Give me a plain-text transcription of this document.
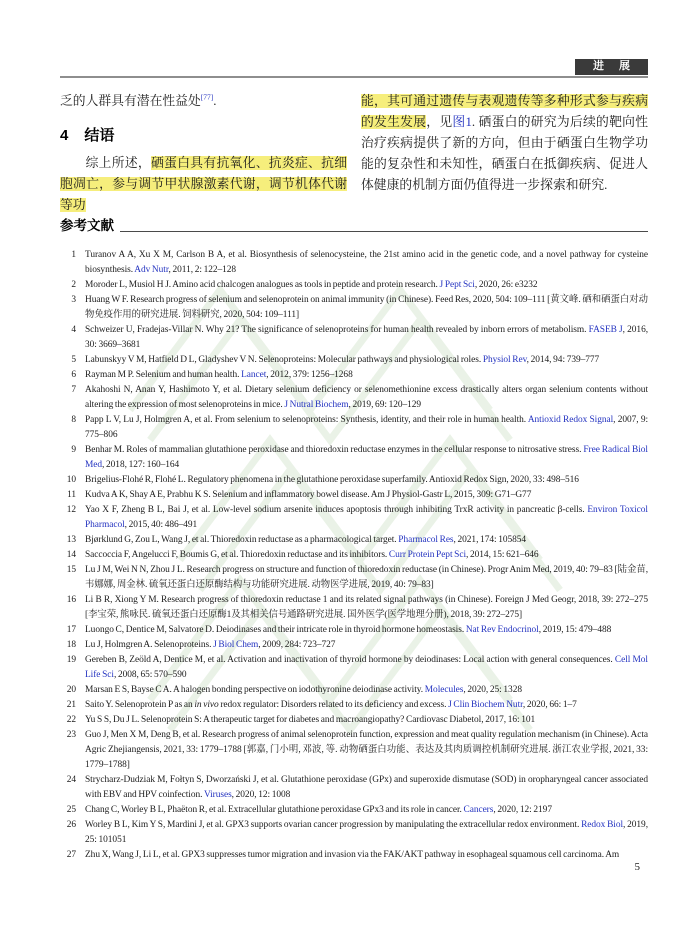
进 展

乏的人群具有潜在性益处[77].

4 结语

综上所述，硒蛋白具有抗氧化、抗炎症、抗细胞凋亡，参与调节甲状腺激素代谢，调节机体代谢等功

能，其可通过遗传与表观遗传等多种形式参与疾病的发生发展，见图1. 硒蛋白的研究为后续的靶向性治疗疾病提供了新的方向，但由于硒蛋白生物学功能的复杂性和未知性，硒蛋白在抵御疾病、促进人体健康的机制方面仍值得进一步探索和研究.

参考文献
1 Turanov A A, Xu X M, Carlson B A, et al. Biosynthesis of selenocysteine, the 21st amino acid in the genetic code, and a novel pathway for cysteine biosynthesis. Adv Nutr, 2011, 2: 122–128
2 Moroder L, Musiol H J. Amino acid chalcogen analogues as tools in peptide and protein research. J Pept Sci, 2020, 26: e3232
3 Huang W F. Research progress of selenium and selenoprotein on animal immunity (in Chinese). Feed Res, 2020, 504: 109–111 [黄文峰. 硒和硒蛋白对动物免疫作用的研究进展. 饲料研究, 2020, 504: 109–111]
4 Schweizer U, Fradejas-Villar N. Why 21? The significance of selenoproteins for human health revealed by inborn errors of metabolism. FASEB J, 2016, 30: 3669–3681
5 Labunskyy V M, Hatfield D L, Gladyshev V N. Selenoproteins: Molecular pathways and physiological roles. Physiol Rev, 2014, 94: 739–777
6 Rayman M P. Selenium and human health. Lancet, 2012, 379: 1256–1268
7 Akahoshi N, Anan Y, Hashimoto Y, et al. Dietary selenium deficiency or selenomethionine excess drastically alters organ selenium contents without altering the expression of most selenoproteins in mice. J Nutral Biochem, 2019, 69: 120–129
8 Papp L V, Lu J, Holmgren A, et al. From selenium to selenoproteins: Synthesis, identity, and their role in human health. Antioxid Redox Signal, 2007, 9: 775–806
9 Benhar M. Roles of mammalian glutathione peroxidase and thioredoxin reductase enzymes in the cellular response to nitrosative stress. Free Radical Biol Med, 2018, 127: 160–164
10 Brigelius-Flohé R, Flohé L. Regulatory phenomena in the glutathione peroxidase superfamily. Antioxid Redox Sign, 2020, 33: 498–516
11 Kudva A K, Shay A E, Prabhu K S. Selenium and inflammatory bowel disease. Am J Physiol-Gastr L, 2015, 309: G71–G77
12 Yao X F, Zheng B L, Bai J, et al. Low-level sodium arsenite induces apoptosis through inhibiting TrxR activity in pancreatic β-cells. Environ Toxicol Pharmacol, 2015, 40: 486–491
13 Bjørklund G, Zou L, Wang J, et al. Thioredoxin reductase as a pharmacological target. Pharmacol Res, 2021, 174: 105854
14 Saccoccia F, Angelucci F, Boumis G, et al. Thioredoxin reductase and its inhibitors. Curr Protein Pept Sci, 2014, 15: 621–646
15 Lu J M, Wei N N, Zhou J L. Research progress on structure and function of thioredoxin reductase (in Chinese). Progr Anim Med, 2019, 40: 79–83 [陆金苗, 韦娜娜, 周金林. 硫氧还蛋白还原酶结构与功能研究进展. 动物医学进展, 2019, 40: 79–83]
16 Li B R, Xiong Y M. Research progress of thioredoxin reductase 1 and its related signal pathways (in Chinese). Foreign J Med Geogr, 2018, 39: 272–275 [李宝荣, 熊咏民. 硫氧还蛋白还原酶1及其相关信号通路研究进展. 国外医学(医学地理分册), 2018, 39: 272–275]
17 Luongo C, Dentice M, Salvatore D. Deiodinases and their intricate role in thyroid hormone homeostasis. Nat Rev Endocrinol, 2019, 15: 479–488
18 Lu J, Holmgren A. Selenoproteins. J Biol Chem, 2009, 284: 723–727
19 Gereben B, Zeöld A, Dentice M, et al. Activation and inactivation of thyroid hormone by deiodinases: Local action with general consequences. Cell Mol Life Sci, 2008, 65: 570–590
20 Marsan E S, Bayse C A. A halogen bonding perspective on iodothyronine deiodinase activity. Molecules, 2020, 25: 1328
21 Saito Y. Selenoprotein P as an in vivo redox regulator: Disorders related to its deficiency and excess. J Clin Biochem Nutr, 2020, 66: 1–7
22 Yu S S, Du J L. Selenoprotein S: A therapeutic target for diabetes and macroangiopathy? Cardiovasc Diabetol, 2017, 16: 101
23 Guo J, Men X M, Deng B, et al. Research progress of animal selenoprotein function, expression and meat quality regulation mechanism (in Chinese). Acta Agric Zhejiangensis, 2021, 33: 1779–1788 [郭嘉, 门小明, 邓波, 等. 动物硒蛋白功能、表达及其肉质调控机制研究进展. 浙江农业学报, 2021, 33: 1779–1788]
24 Strycharz-Dudziak M, Fołtyn S, Dworzański J, et al. Glutathione peroxidase (GPx) and superoxide dismutase (SOD) in oropharyngeal cancer associated with EBV and HPV coinfection. Viruses, 2020, 12: 1008
25 Chang C, Worley B L, Phaëton R, et al. Extracellular glutathione peroxidase GPx3 and its role in cancer. Cancers, 2020, 12: 2197
26 Worley B L, Kim Y S, Mardini J, et al. GPX3 supports ovarian cancer progression by manipulating the extracellular redox environment. Redox Biol, 2019, 25: 101051
27 Zhu X, Wang J, Li L, et al. GPX3 suppresses tumor migration and invasion via the FAK/AKT pathway in esophageal squamous cell carcinoma. Am
5
